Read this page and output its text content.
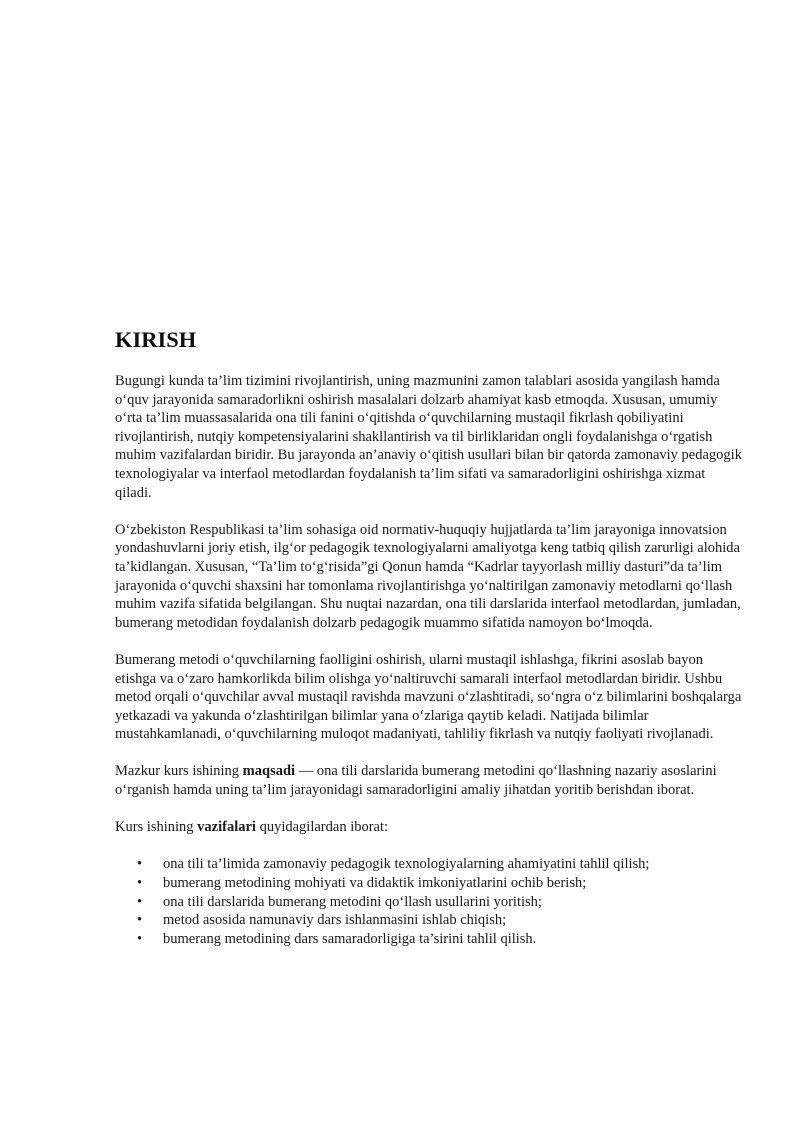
KIRISH

Bugungi kunda ta’lim tizimini rivojlantirish, uning mazmunini zamon talablari asosida yangilash hamda o‘quv jarayonida samaradorlikni oshirish masalalari dolzarb ahamiyat kasb etmoqda. Xususan, umumiy o‘rta ta’lim muassasalarida ona tili fanini o‘qitishda o‘quvchilarning mustaqil fikrlash qobiliyatini rivojlantirish, nutqiy kompetensiyalarini shakllantirish va til birliklaridan ongli foydalanishga o‘rgatish muhim vazifalardan biridir. Bu jarayonda an’anaviy o‘qitish usullari bilan bir qatorda zamonaviy pedagogik texnologiyalar va interfaol metodlardan foydalanish ta’lim sifati va samaradorligini oshirishga xizmat qiladi.

O‘zbekiston Respublikasi ta’lim sohasiga oid normativ-huquqiy hujjatlarda ta’lim jarayoniga innovatsion yondashuvlarni joriy etish, ilg‘or pedagogik texnologiyalarni amaliyotga keng tatbiq qilish zarurligi alohida ta’kidlangan. Xususan, “Ta’lim to‘g‘risida”gi Qonun hamda “Kadrlar tayyorlash milliy dasturi”da ta’lim jarayonida o‘quvchi shaxsini har tomonlama rivojlantirishga yo‘naltirilgan zamonaviy metodlarni qo‘llash muhim vazifa sifatida belgilangan. Shu nuqtai nazardan, ona tili darslarida interfaol metodlardan, jumladan, bumerang metodidan foydalanish dolzarb pedagogik muammo sifatida namoyon bo‘lmoqda.

Bumerang metodi o‘quvchilarning faolligini oshirish, ularni mustaqil ishlashga, fikrini asoslab bayon etishga va o‘zaro hamkorlikda bilim olishga yo‘naltiruvchi samarali interfaol metodlardan biridir. Ushbu metod orqali o‘quvchilar avval mustaqil ravishda mavzuni o‘zlashtiradi, so‘ngra o‘z bilimlarini boshqalarga yetkazadi va yakunda o‘zlashtirilgan bilimlar yana o‘zlariga qaytib keladi. Natijada bilimlar mustahkamlanadi, o‘quvchilarning muloqot madaniyati, tahliliy fikrlash va nutqiy faoliyati rivojlanadi.

Mazkur kurs ishining maqsadi — ona tili darslarida bumerang metodini qo‘llashning nazariy asoslarini o‘rganish hamda uning ta’lim jarayonidagi samaradorligini amaliy jihatdan yoritib berishdan iborat.

Kurs ishining vazifalari quyidagilardan iborat:

• ona tili ta’limida zamonaviy pedagogik texnologiyalarning ahamiyatini tahlil qilish;
• bumerang metodining mohiyati va didaktik imkoniyatlarini ochib berish;
• ona tili darslarida bumerang metodini qo‘llash usullarini yoritish;
• metod asosida namunaviy dars ishlanmasini ishlab chiqish;
• bumerang metodining dars samaradorligiga ta’sirini tahlil qilish.
